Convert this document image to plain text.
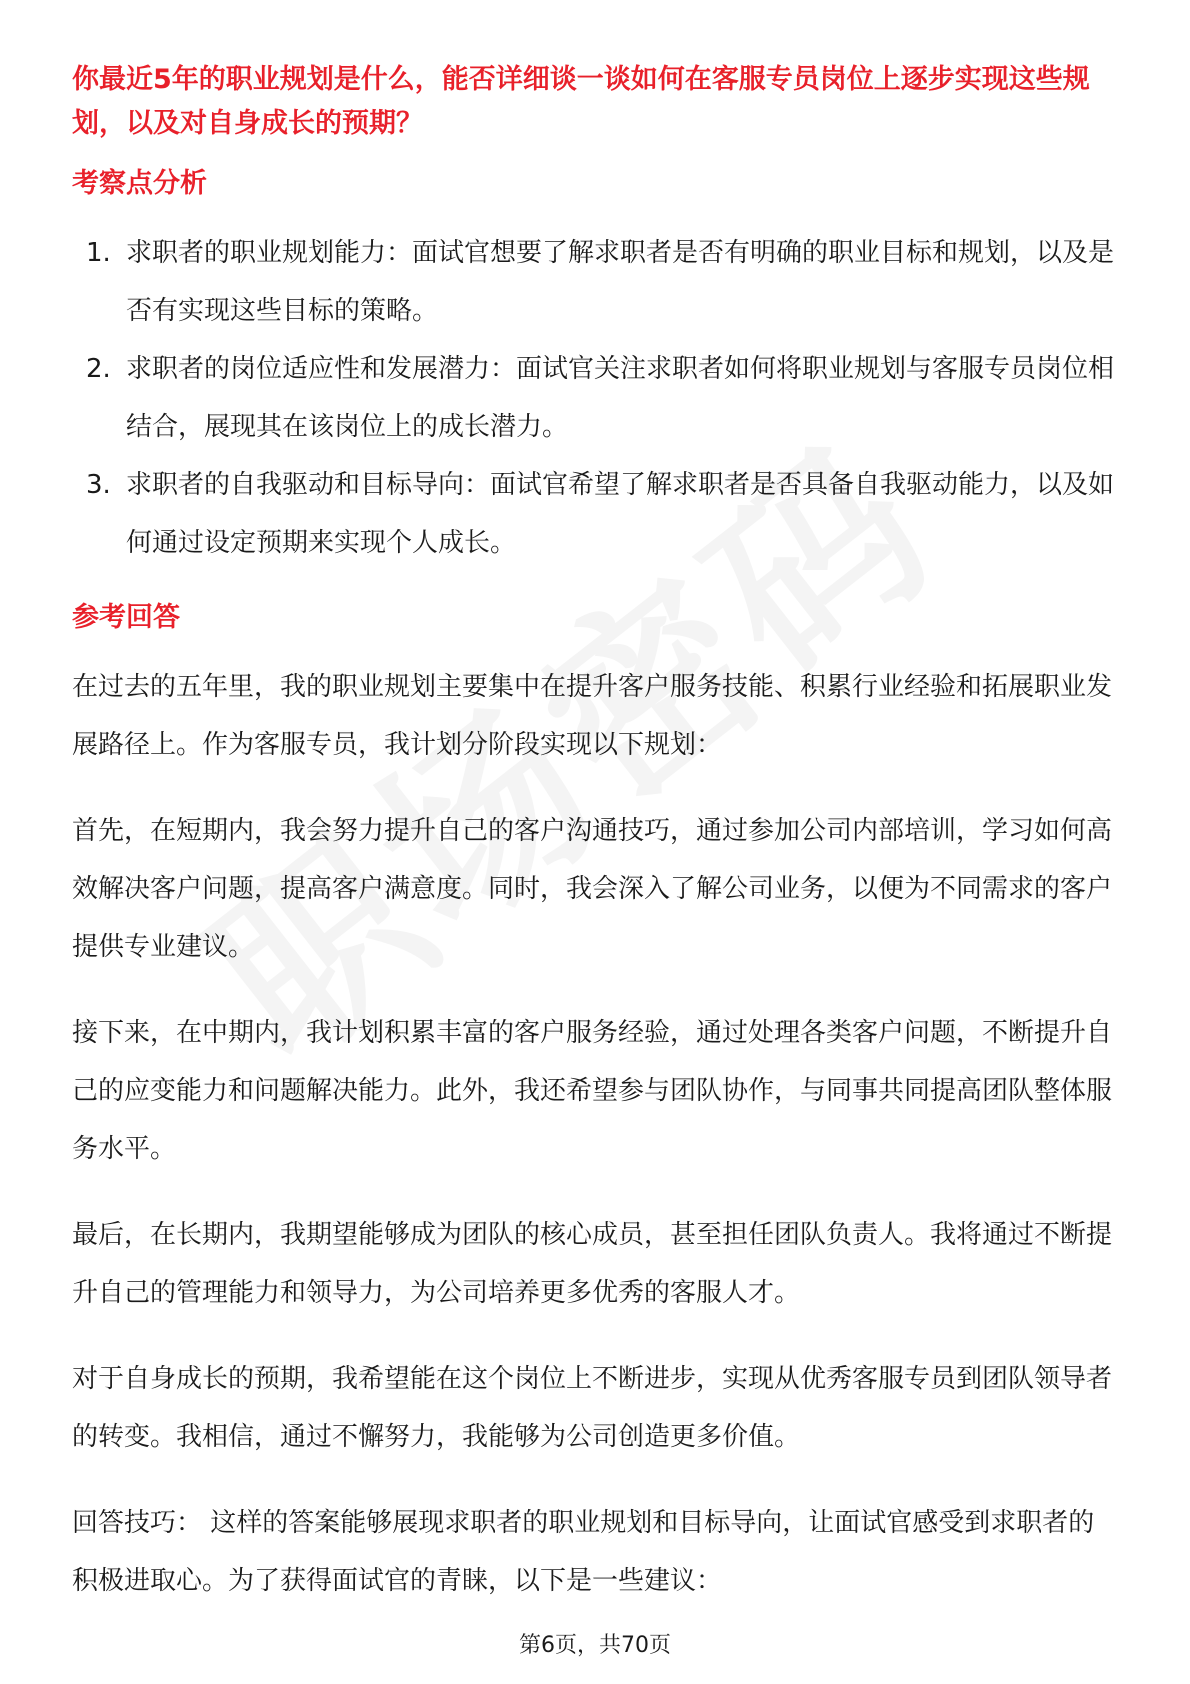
你最近5年的职业规划是什么，能否详细谈一谈如何在客服专员岗位上逐步实现这些规划，以及对自身成长的预期？
考察点分析
1. 求职者的职业规划能力：面试官想要了解求职者是否有明确的职业目标和规划，以及是否有实现这些目标的策略。
2. 求职者的岗位适应性和发展潜力：面试官关注求职者如何将职业规划与客服专员岗位相结合，展现其在该岗位上的成长潜力。
3. 求职者的自我驱动和目标导向：面试官希望了解求职者是否具备自我驱动能力，以及如何通过设定预期来实现个人成长。
参考回答

在过去的五年里，我的职业规划主要集中在提升客户服务技能、积累行业经验和拓展职业发展路径上。作为客服专员，我计划分阶段实现以下规划：

首先，在短期内，我会努力提升自己的客户沟通技巧，通过参加公司内部培训，学习如何高效解决客户问题，提高客户满意度。同时，我会深入了解公司业务，以便为不同需求的客户提供专业建议。

接下来，在中期内，我计划积累丰富的客户服务经验，通过处理各类客户问题，不断提升自己的应变能力和问题解决能力。此外，我还希望参与团队协作，与同事共同提高团队整体服务水平。

最后，在长期内，我期望能够成为团队的核心成员，甚至担任团队负责人。我将通过不断提升自己的管理能力和领导力，为公司培养更多优秀的客服人才。

对于自身成长的预期，我希望能在这个岗位上不断进步，实现从优秀客服专员到团队领导者的转变。我相信，通过不懈努力，我能够为公司创造更多价值。

回答技巧： 这样的答案能够展现求职者的职业规划和目标导向，让面试官感受到求职者的积极进取心。为了获得面试官的青睐，以下是一些建议：

第6页，共70页
